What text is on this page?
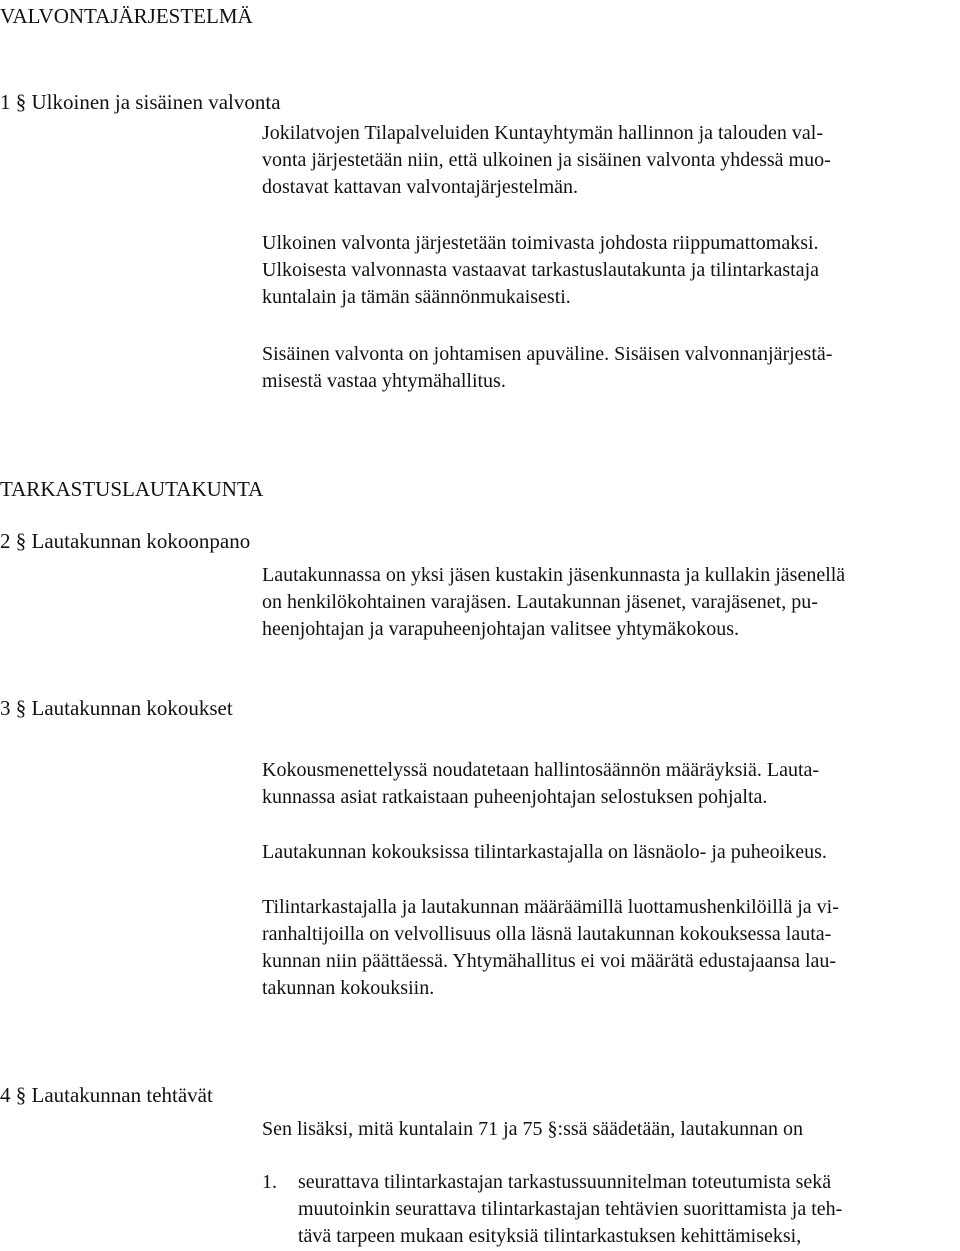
VALVONTAJÄRJESTELMÄ
1 § Ulkoinen ja sisäinen valvonta

Jokilatvojen Tilapalveluiden Kuntayhtymän hallinnon ja talouden val-
vonta järjestetään niin, että ulkoinen ja sisäinen valvonta yhdessä muo-
dostavat kattavan valvontajärjestelmän.

Ulkoinen valvonta järjestetään toimivasta johdosta riippumattomaksi.
Ulkoisesta valvonnasta vastaavat tarkastuslautakunta ja tilintarkastaja
kuntalain ja tämän säännönmukaisesti.

Sisäinen valvonta on johtamisen apuväline. Sisäisen valvonnanjärjestä-
misestä vastaa yhtymähallitus.

TARKASTUSLAUTAKUNTA
2 § Lautakunnan kokoonpano

Lautakunnassa on yksi jäsen kustakin jäsenkunnasta ja kullakin jäsenellä
on henkilökohtainen varajäsen. Lautakunnan jäsenet, varajäsenet, pu-
heenjohtajan ja varapuheenjohtajan valitsee yhtymäkokous.

3 § Lautakunnan kokoukset

Kokousmenettelyssä noudatetaan hallintosäännön määräyksiä. Lauta-
kunnassa asiat ratkaistaan puheenjohtajan selostuksen pohjalta.

Lautakunnan kokouksissa tilintarkastajalla on läsnäolo- ja puheoikeus.

Tilintarkastajalla ja lautakunnan määräämillä luottamushenkilöillä ja vi-
ranhaltijoilla on velvollisuus olla läsnä lautakunnan kokouksessa lauta-
kunnan niin päättäessä. Yhtymähallitus ei voi määrätä edustajaansa lau-
takunnan kokouksiin.

4 § Lautakunnan tehtävät

Sen lisäksi, mitä kuntalain 71 ja 75 §:ssä säädetään, lautakunnan on

1. seurattava tilintarkastajan tarkastussuunnitelman toteutumista sekä
muutoinkin seurattava tilintarkastajan tehtävien suorittamista ja teh-
tävä tarpeen mukaan esityksiä tilintarkastuksen kehittämiseksi,
